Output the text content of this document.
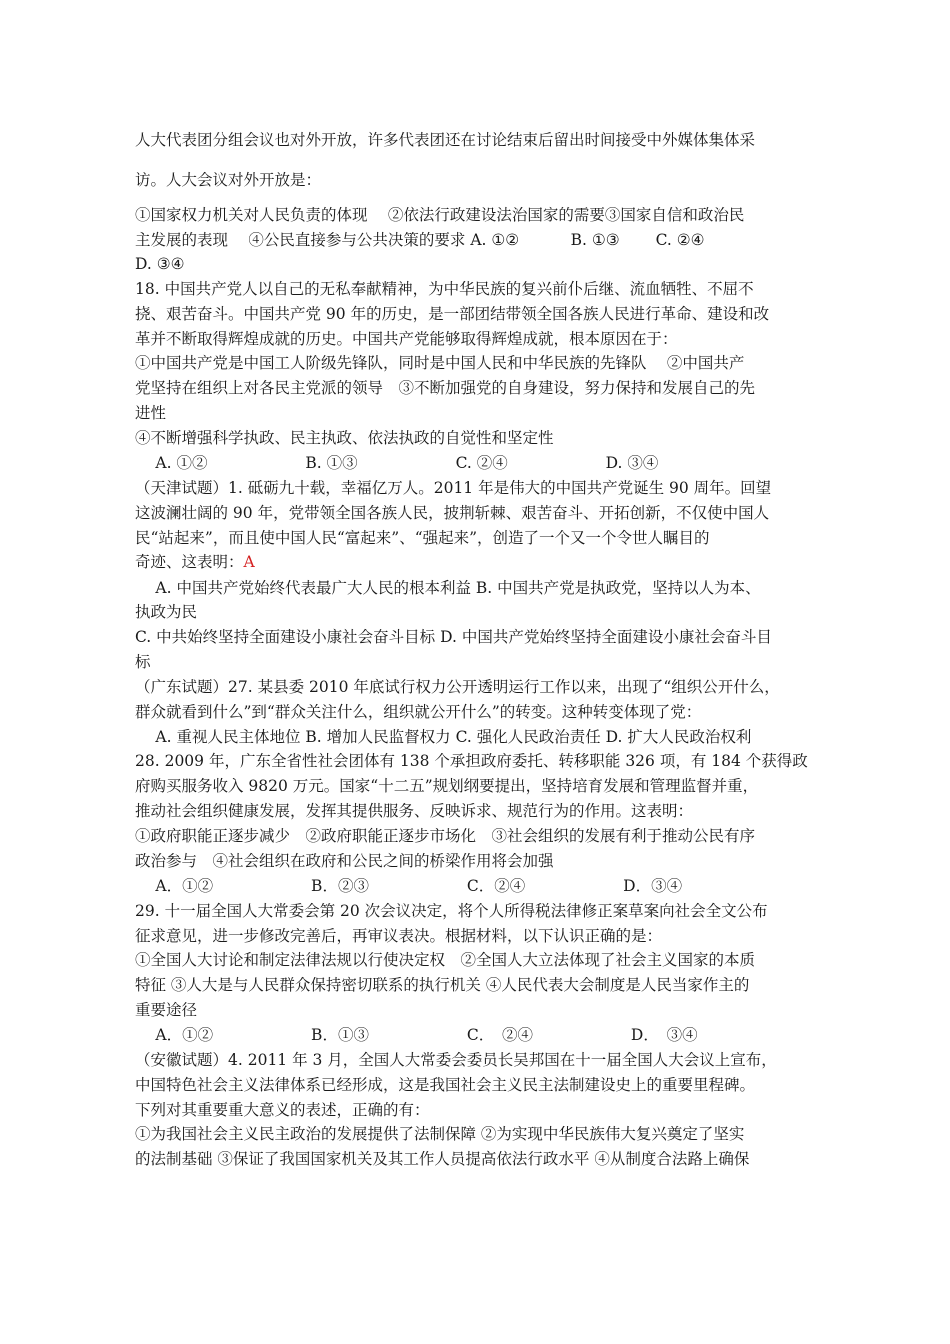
人大代表团分组会议也对外开放，许多代表团还在讨论结束后留出时间接受中外媒体集体采
访。人大会议对外开放是：
①国家权力机关对人民负责的体现　 ②依法行政建设法治国家的需要③国家自信和政治民
主发展的表现　 ④公民直接参与公共决策的要求 A. ①②　　　 B. ①③　　 C. ②④
D. ③④
18. 中国共产党人以自己的无私奉献精神，为中华民族的复兴前仆后继、流血牺牲、不屈不
挠、艰苦奋斗。中国共产党 90 年的历史，是一部团结带领全国各族人民进行革命、建设和改
革并不断取得辉煌成就的历史。中国共产党能够取得辉煌成就，根本原因在于：
①中国共产党是中国工人阶级先锋队，同时是中国人民和中华民族的先锋队　 ②中国共产
党坚持在组织上对各民主党派的领导　③不断加强党的自身建设，努力保持和发展自己的先
进性
④不断增强科学执政、民主执政、依法执政的自觉性和坚定性
　 A. ①②　　　　　　 B. ①③　　　　　　 C. ②④　　　　　　 D. ③④
（天津试题）1. 砥砺九十载，幸福亿万人。2011 年是伟大的中国共产党诞生 90 周年。回望
这波澜壮阔的 90 年，党带领全国各族人民，披荆斩棘、艰苦奋斗、开拓创新，不仅使中国人
民“站起来”，而且使中国人民“富起来”、“强起来”，创造了一个又一个令世人瞩目的
奇迹、这表明：A
　 A. 中国共产党始终代表最广大人民的根本利益 B. 中国共产党是执政党，坚持以人为本、
执政为民
C. 中共始终坚持全面建设小康社会奋斗目标 D. 中国共产党始终坚持全面建设小康社会奋斗目
标
（广东试题）27. 某县委 2010 年底试行权力公开透明运行工作以来，出现了“组织公开什么，
群众就看到什么”到“群众关注什么，组织就公开什么”的转变。这种转变体现了党：
　 A. 重视人民主体地位 B. 增加人民监督权力 C. 强化人民政治责任 D. 扩大人民政治权利
28. 2009 年，广东全省性社会团体有 138 个承担政府委托、转移职能 326 项，有 184 个获得政
府购买服务收入 9820 万元。国家“十二五”规划纲要提出，坚持培育发展和管理监督并重，
推动社会组织健康发展，发挥其提供服务、反映诉求、规范行为的作用。这表明：
①政府职能正逐步减少　②政府职能正逐步市场化　③社会组织的发展有利于推动公民有序
政治参与　④社会组织在政府和公民之间的桥梁作用将会加强
　 A．①②　　　　　　 B．②③　　　　　　 C．②④　　　　　　 D．③④
29. 十一届全国人大常委会第 20 次会议决定，将个人所得税法律修正案草案向社会全文公布
征求意见，进一步修改完善后，再审议表决。根据材料，以下认识正确的是：
①全国人大讨论和制定法律法规以行使决定权　②全国人大立法体现了社会主义国家的本质
特征 ③人大是与人民群众保持密切联系的执行机关 ④人民代表大会制度是人民当家作主的
重要途径
　 A．①②　　　　　　 B．①③　　　　　　 C．　②④　　　　　　 D．　③④
（安徽试题）4. 2011 年 3 月，全国人大常委会委员长吴邦国在十一届全国人大会议上宣布，
中国特色社会主义法律体系已经形成，这是我国社会主义民主法制建设史上的重要里程碑。
下列对其重要重大意义的表述，正确的有：
①为我国社会主义民主政治的发展提供了法制保障 ②为实现中华民族伟大复兴奠定了坚实
的法制基础 ③保证了我国国家机关及其工作人员提高依法行政水平 ④从制度合法路上确保
